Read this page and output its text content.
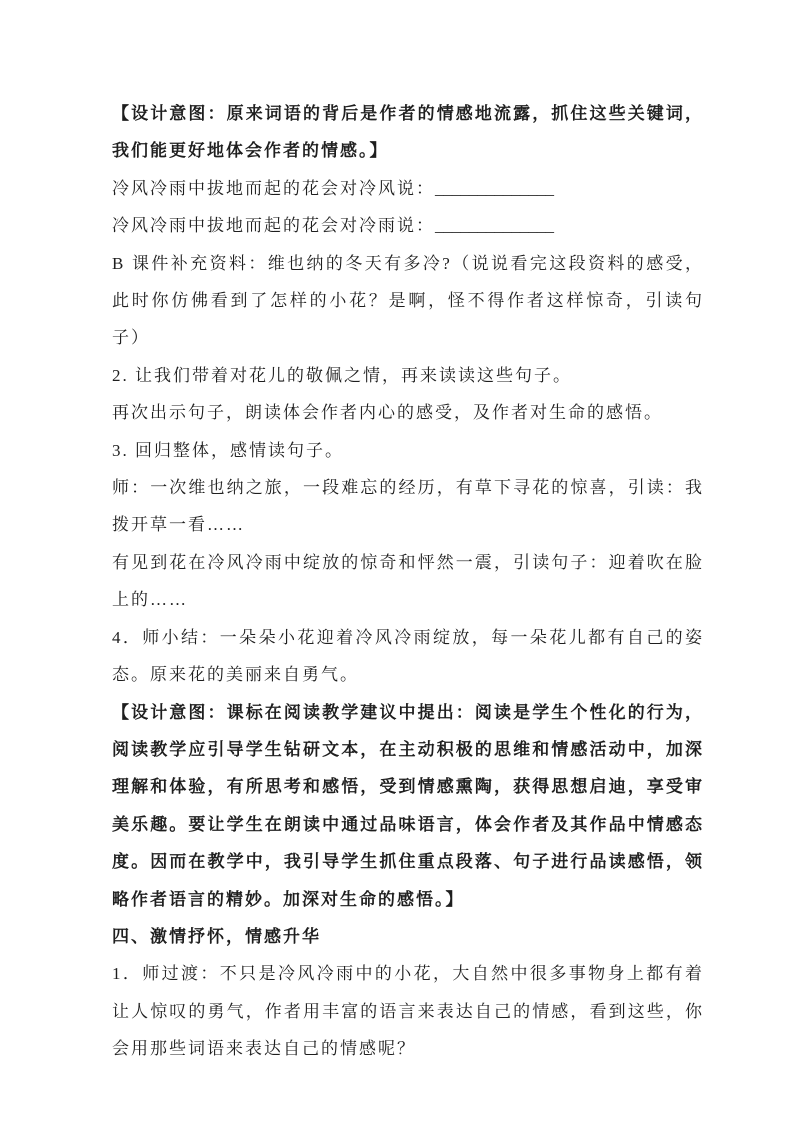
【设计意图：原来词语的背后是作者的情感地流露，抓住这些关键词，我们能更好地体会作者的情感。】

冷风冷雨中拔地而起的花会对冷风说：______________

冷风冷雨中拔地而起的花会对冷雨说：______________

B 课件补充资料：维也纳的冬天有多冷?（说说看完这段资料的感受，此时你仿佛看到了怎样的小花？是啊，怪不得作者这样惊奇，引读句子）

2. 让我们带着对花儿的敬佩之情，再来读读这些句子。

再次出示句子，朗读体会作者内心的感受，及作者对生命的感悟。

3. 回归整体，感情读句子。

师：一次维也纳之旅，一段难忘的经历，有草下寻花的惊喜，引读：我拨开草一看……

有见到花在冷风冷雨中绽放的惊奇和怦然一震，引读句子：迎着吹在脸上的……

4．师小结：一朵朵小花迎着冷风冷雨绽放，每一朵花儿都有自己的姿态。原来花的美丽来自勇气。

【设计意图：课标在阅读教学建议中提出：阅读是学生个性化的行为，阅读教学应引导学生钻研文本，在主动积极的思维和情感活动中，加深理解和体验，有所思考和感悟，受到情感熏陶，获得思想启迪，享受审美乐趣。要让学生在朗读中通过品味语言，体会作者及其作品中情感态度。因而在教学中，我引导学生抓住重点段落、句子进行品读感悟，领略作者语言的精妙。加深对生命的感悟。】

四、激情抒怀，情感升华

1．师过渡：不只是冷风冷雨中的小花，大自然中很多事物身上都有着让人惊叹的勇气，作者用丰富的语言来表达自己的情感，看到这些，你会用那些词语来表达自己的情感呢？
